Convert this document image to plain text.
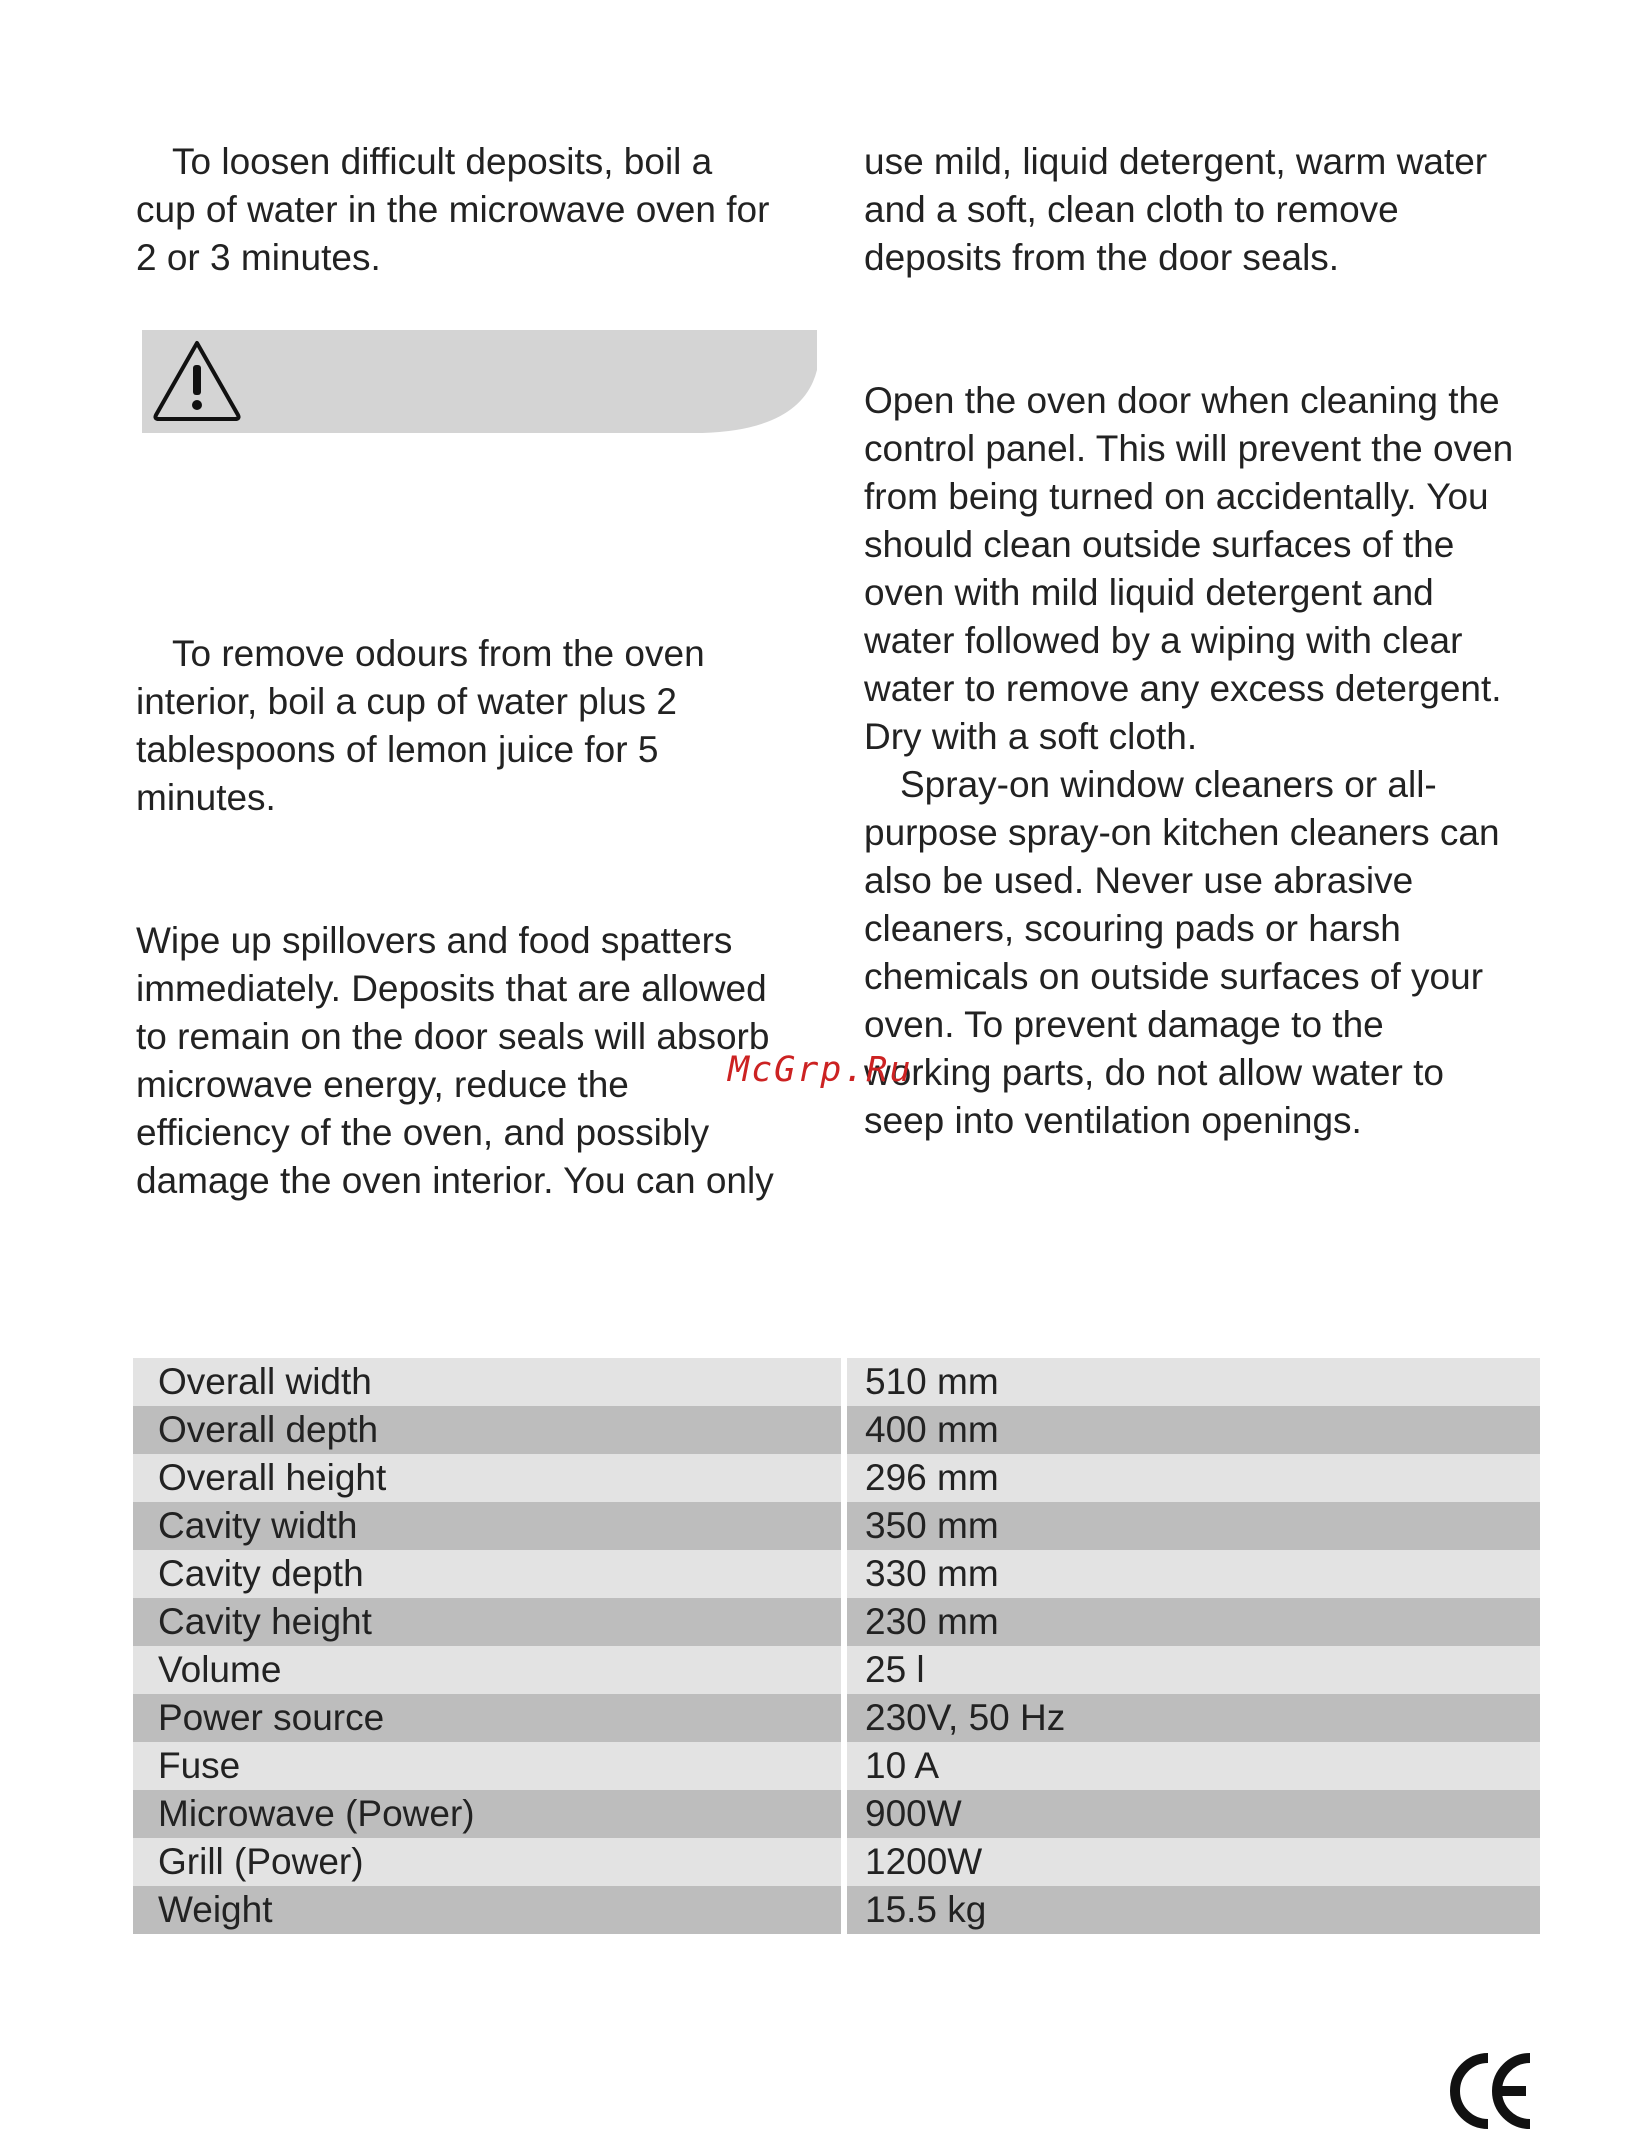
To loosen difficult deposits, boil a
cup of water in the microwave oven for
2 or 3 minutes.

To remove odours from the oven
interior, boil a cup of water plus 2
tablespoons of lemon juice for 5
minutes.

Wipe up spillovers and food spatters
immediately. Deposits that are allowed
to remain on the door seals will absorb
microwave energy, reduce the
efficiency of the oven, and possibly
damage the oven interior. You can only

use mild, liquid detergent, warm water
and a soft, clean cloth to remove
deposits from the door seals.

Open the oven door when cleaning the
control panel. This will prevent the oven
from being turned on accidentally. You
should clean outside surfaces of the
oven with mild liquid detergent and
water followed by a wiping with clear
water to remove any excess detergent.
Dry with a soft cloth.

Spray-on window cleaners or all-
purpose spray-on kitchen cleaners can
also be used. Never use abrasive
cleaners, scouring pads or harsh
chemicals on outside surfaces of your
oven. To prevent damage to the
working parts, do not allow water to
seep into ventilation openings.

McGrp.Ru
Overall width		510 mm
Overall depth		400 mm
Overall height		296 mm
Cavity width		350 mm
Cavity depth		330 mm
Cavity height		230 mm
Volume		25 l
Power source		230V, 50 Hz
Fuse		10 A
Microwave (Power)		900W
Grill (Power)		1200W
Weight		15.5 kg
